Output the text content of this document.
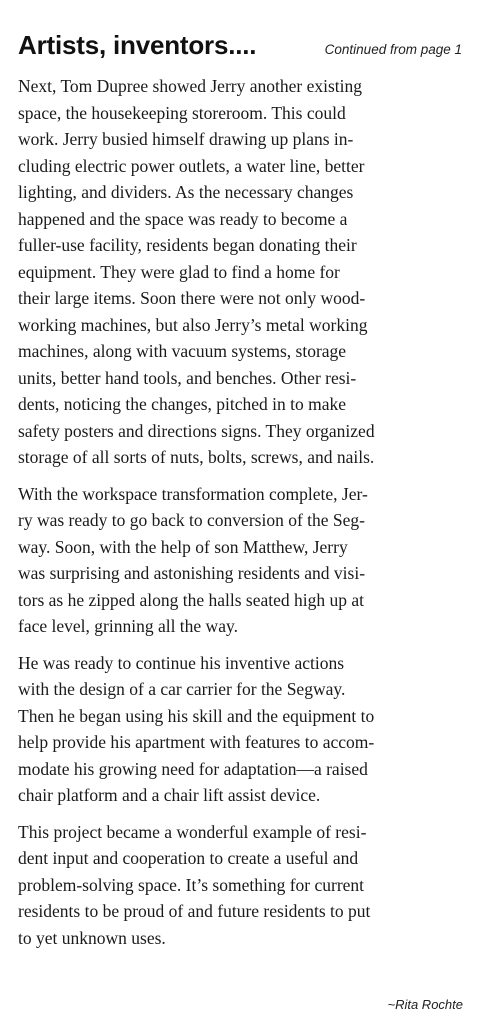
Artists, inventors....	Continued from page 1

Next, Tom Dupree showed Jerry another existing
space, the housekeeping storeroom. This could
work. Jerry busied himself drawing up plans in-
cluding electric power outlets, a water line, better
lighting, and dividers. As the necessary changes
happened and the space was ready to become a
fuller-use facility, residents began donating their
equipment. They were glad to find a home for
their large items. Soon there were not only wood-
working machines, but also Jerry’s metal working
machines, along with vacuum systems, storage
units, better hand tools, and benches. Other resi-
dents, noticing the changes, pitched in to make
safety posters and directions signs. They organized
storage of all sorts of nuts, bolts, screws, and nails.

With the workspace transformation complete, Jer-
ry was ready to go back to conversion of the Seg-
way. Soon, with the help of son Matthew, Jerry
was surprising and astonishing residents and visi-
tors as he zipped along the halls seated high up at
face level, grinning all the way.

He was ready to continue his inventive actions
with the design of a car carrier for the Segway.
Then he began using his skill and the equipment to
help provide his apartment with features to accom-
modate his growing need for adaptation—a raised
chair platform and a chair lift assist device.

This project became a wonderful example of resi-
dent input and cooperation to create a useful and
problem-solving space. It’s something for current
residents to be proud of and future residents to put
to yet unknown uses.

~Rita Rochte
